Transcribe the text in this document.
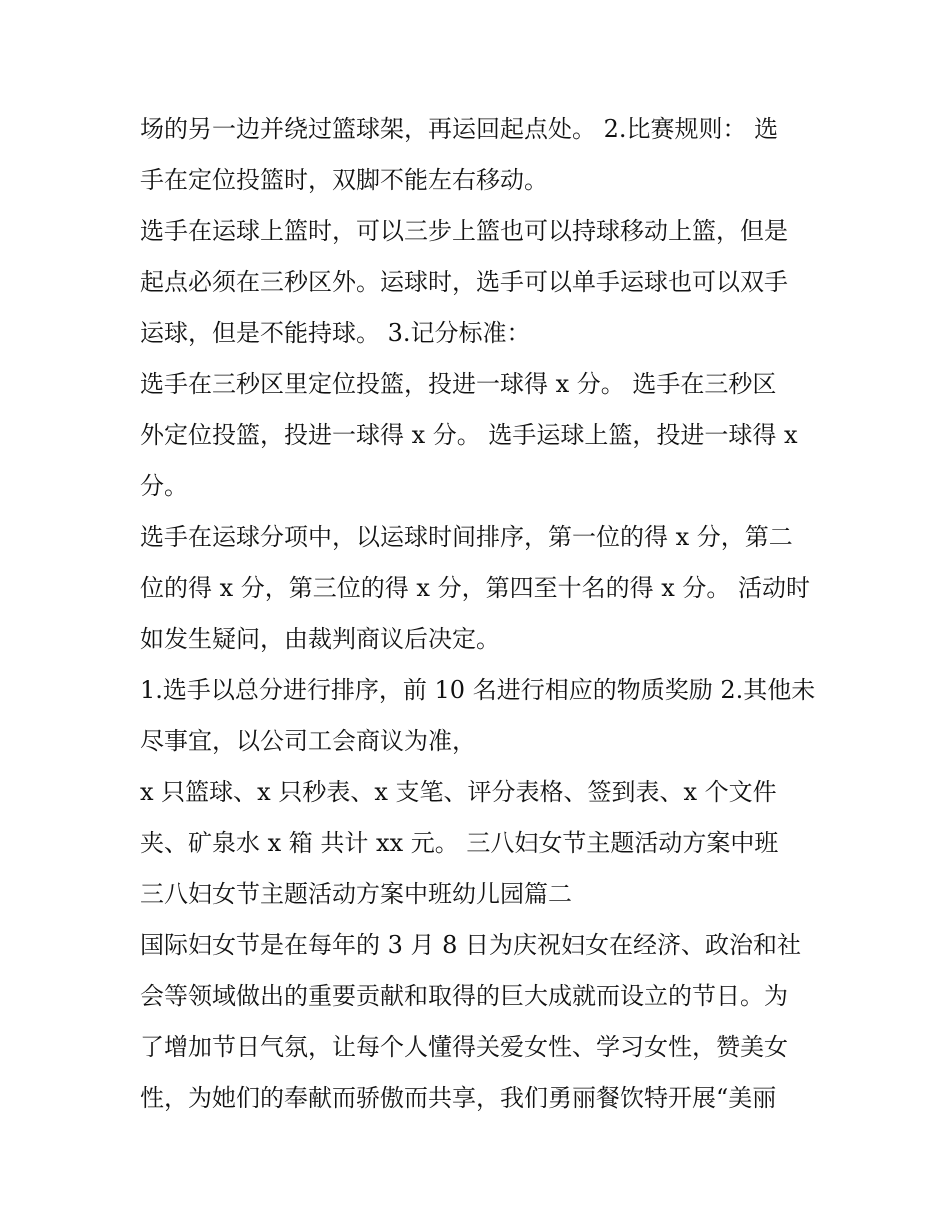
场的另一边并绕过篮球架，再运回起点处。 2.比赛规则： 选
手在定位投篮时，双脚不能左右移动。
选手在运球上篮时，可以三步上篮也可以持球移动上篮，但是
起点必须在三秒区外。运球时，选手可以单手运球也可以双手
运球，但是不能持球。 3.记分标准：
选手在三秒区里定位投篮，投进一球得 x 分。 选手在三秒区
外定位投篮，投进一球得 x 分。 选手运球上篮，投进一球得 x
分。
选手在运球分项中，以运球时间排序，第一位的得 x 分，第二
位的得 x 分，第三位的得 x 分，第四至十名的得 x 分。 活动时
如发生疑问，由裁判商议后决定。
1.选手以总分进行排序，前 10 名进行相应的物质奖励 2.其他未
尽事宜，以公司工会商议为准，
x 只篮球、x 只秒表、x 支笔、评分表格、签到表、x 个文件
夹、矿泉水 x 箱 共计 xx 元。 三八妇女节主题活动方案中班
三八妇女节主题活动方案中班幼儿园篇二
国际妇女节是在每年的 3 月 8 日为庆祝妇女在经济、政治和社
会等领域做出的重要贡献和取得的巨大成就而设立的节日。为
了增加节日气氛，让每个人懂得关爱女性、学习女性，赞美女
性，为她们的奉献而骄傲而共享，我们勇丽餐饮特开展“美丽
